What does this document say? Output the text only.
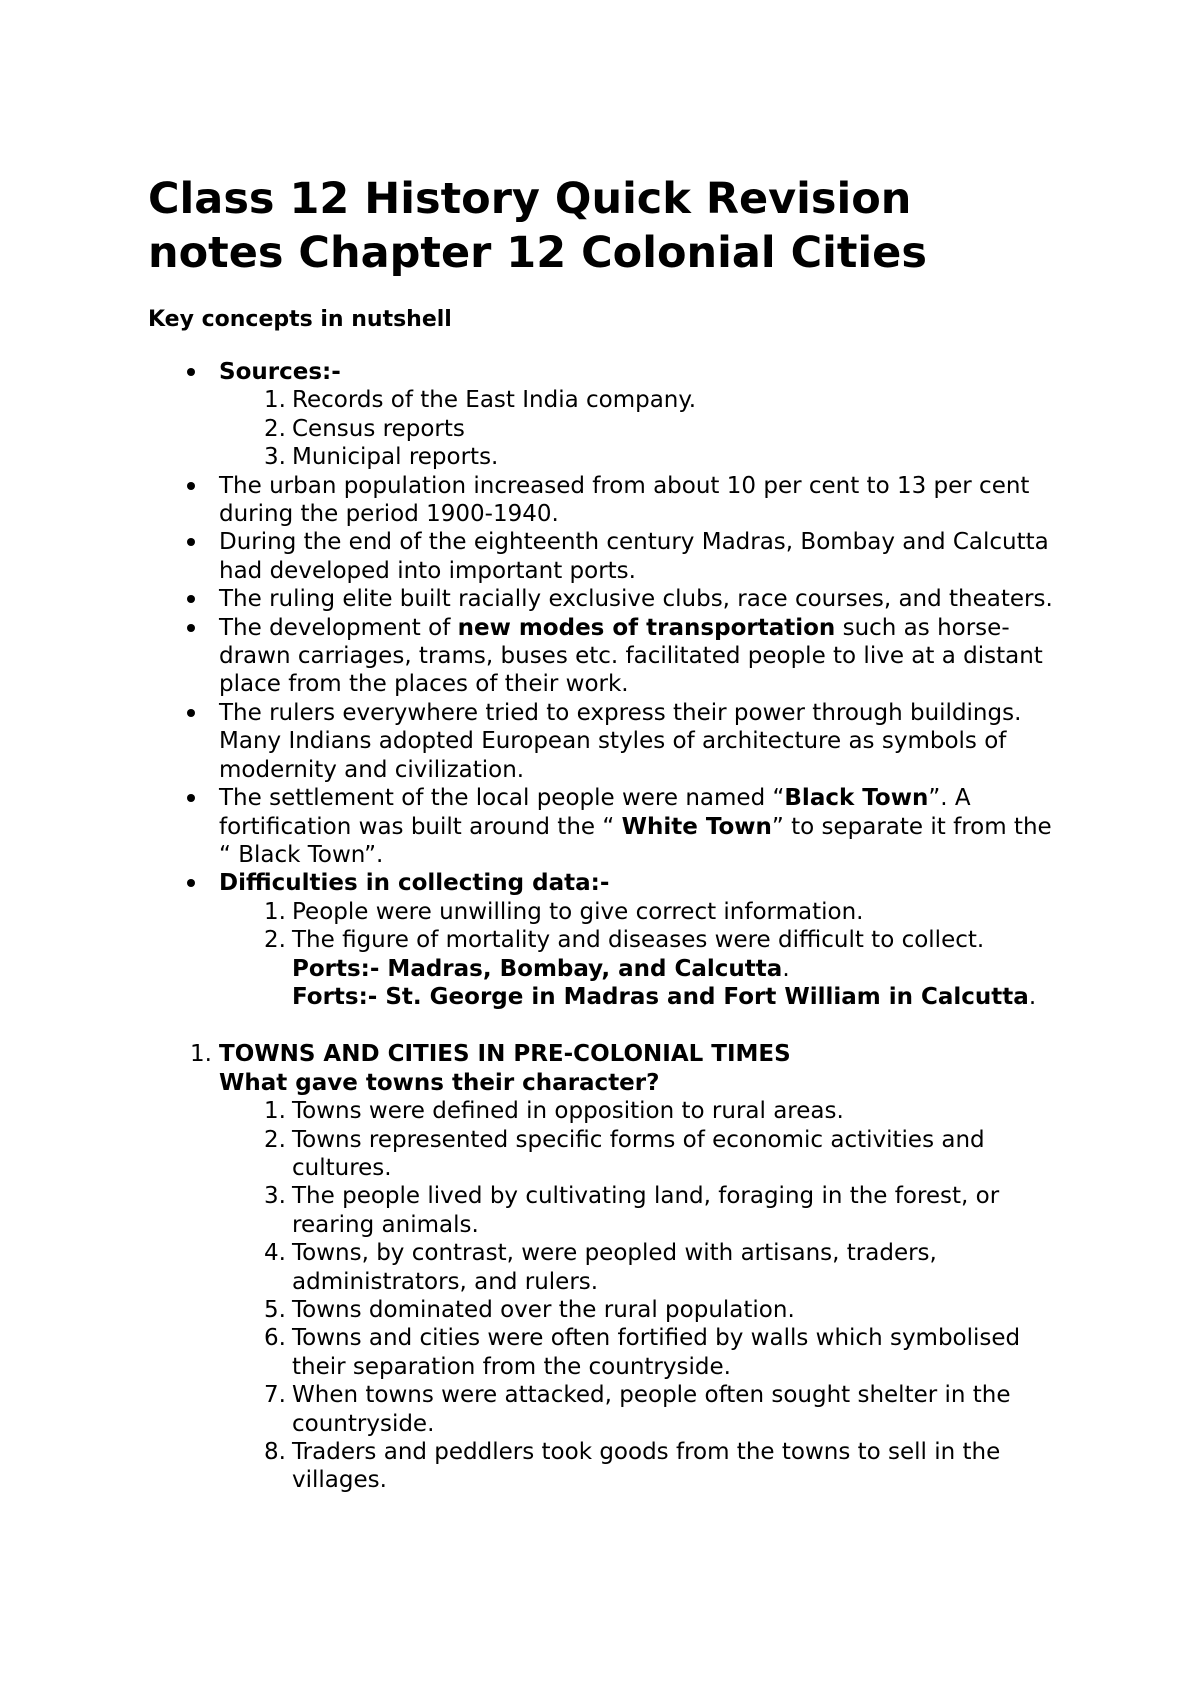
Class 12 History Quick Revision
notes Chapter 12 Colonial Cities
Key concepts in nutshell
Sources:-
1. Records of the East India company.
2. Census reports
3. Municipal reports.
The urban population increased from about 10 per cent to 13 per cent during the period 1900-1940.
During the end of the eighteenth century Madras, Bombay and Calcutta had developed into important ports.
The ruling elite built racially exclusive clubs, race courses, and theaters.
The development of new modes of transportation such as horse-drawn carriages, trams, buses etc. facilitated people to live at a distant place from the places of their work.
The rulers everywhere tried to express their power through buildings. Many Indians adopted European styles of architecture as symbols of modernity and civilization.
The settlement of the local people were named “Black Town”. A fortification was built around the “ White Town” to separate it from the “ Black Town”.
Difficulties in collecting data:-
1. People were unwilling to give correct information.
2. The figure of mortality and diseases were difficult to collect.
Ports:- Madras, Bombay, and Calcutta.
Forts:- St. George in Madras and Fort William in Calcutta.
1. TOWNS AND CITIES IN PRE-COLONIAL TIMES
What gave towns their character?
1. Towns were defined in opposition to rural areas.
2. Towns represented specific forms of economic activities and cultures.
3. The people lived by cultivating land, foraging in the forest, or rearing animals.
4. Towns, by contrast, were peopled with artisans, traders, administrators, and rulers.
5. Towns dominated over the rural population.
6. Towns and cities were often fortified by walls which symbolised their separation from the countryside.
7. When towns were attacked, people often sought shelter in the countryside.
8. Traders and peddlers took goods from the towns to sell in the villages.
